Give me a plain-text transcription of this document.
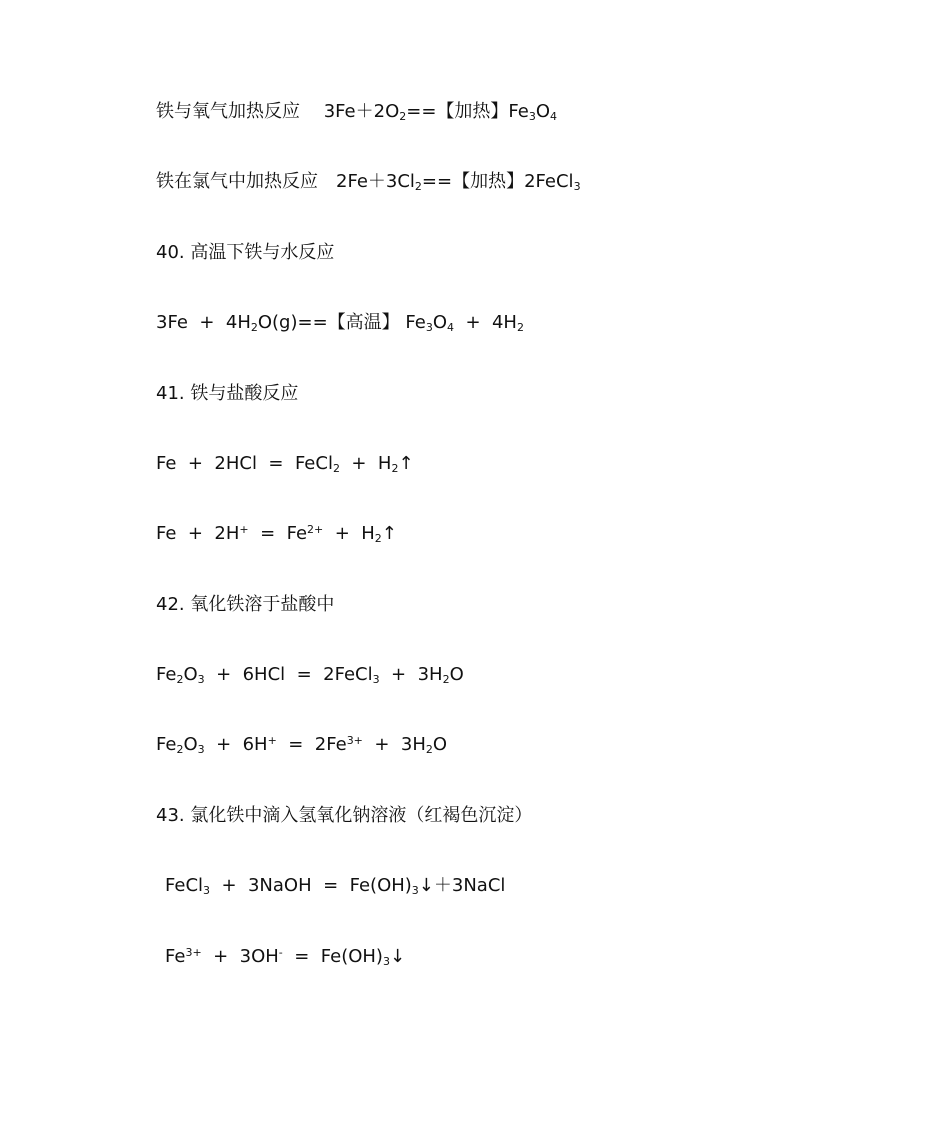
铁与氧气加热反应　 $3Fe+2O_2==$【加热】$Fe_3O_4$
铁在氯气中加热反应　$2Fe+3Cl_2==$【加热】2FeCl$_3$
40. 高温下铁与水反应
$3Fe + 4H_2O(g)==$【高温】 $Fe_3O_4 + 4H_2$
41. 铁与盐酸反应
Fe  +  2HCl  =  FeCl$_2$  +  $H_2↑$
$Fe + 2H^+ = Fe^{2+}$  +  $H_2↑$
42. 氧化铁溶于盐酸中
$Fe_2O_3 + 6HCl$  =  2FeCl$_3$  +  $3H_2O$
$Fe_2O_3 + 6H^+ = 2Fe^{3+} + 3H_2O$
43. 氯化铁中滴入氢氧化钠溶液（红褐色沉淀）
FeCl$_3$  +  3NaOH  =  $Fe(OH)_3↓+3NaCl$
$Fe^{3+} + 3OH^-$  =  $Fe(OH)_3↓$
